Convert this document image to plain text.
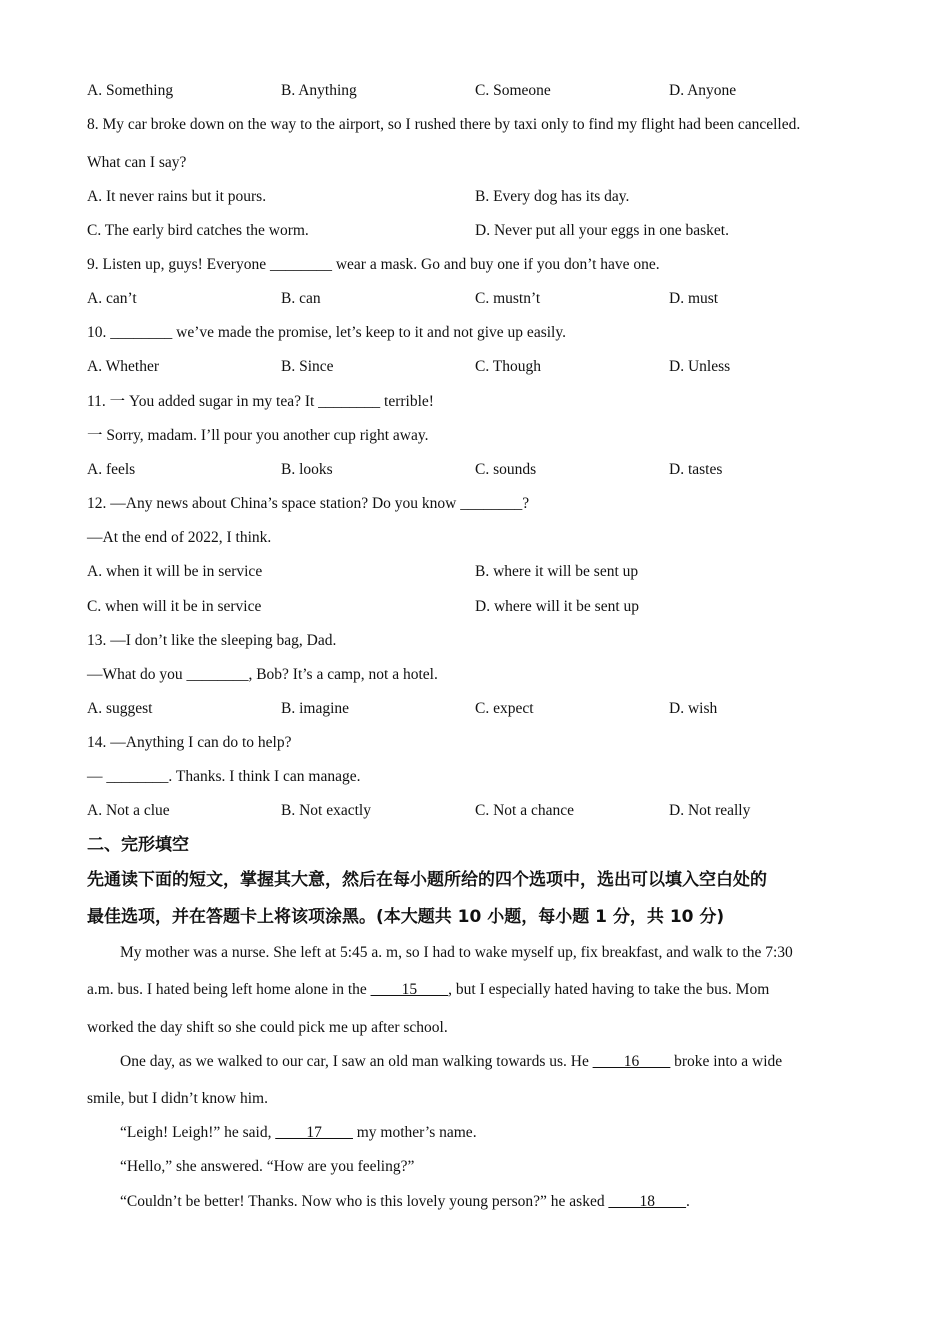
A. Something	B. Anything	C. Someone	D. Anyone
8. My car broke down on the way to the airport, so I rushed there by taxi only to find my flight had been cancelled.
What can I say?
A. It never rains but it pours.	B. Every dog has its day.
C. The early bird catches the worm.	D. Never put all your eggs in one basket.
9. Listen up, guys! Everyone ________ wear a mask. Go and buy one if you don’t have one.
A. can’t	B. can	C. mustn’t	D. must
10. ________ we’ve made the promise, let’s keep to it and not give up easily.
A. Whether	B. Since	C. Though	D. Unless
11. 一 You added sugar in my tea? It ________ terrible!
一 Sorry, madam. I’ll pour you another cup right away.
A. feels	B. looks	C. sounds	D. tastes
12. —Any news about China’s space station? Do you know ________?
—At the end of 2022, I think.
A. when it will be in service	B. where it will be sent up
C. when will it be in service	D. where will it be sent up
13. —I don’t like the sleeping bag, Dad.
—What do you ________, Bob? It’s a camp, not a hotel.
A. suggest	B. imagine	C. expect	D. wish
14. —Anything I can do to help?
— ________. Thanks. I think I can manage.
A. Not a clue	B. Not exactly	C. Not a chance	D. Not really
二、完形填空
先通读下面的短文，掌握其大意，然后在每小题所给的四个选项中，选出可以填入空白处的
最佳选项，并在答题卡上将该项涂黑。(本大题共 10 小题，每小题 1 分，共 10 分)
My mother was a nurse. She left at 5:45 a. m, so I had to wake myself up, fix breakfast, and walk to the 7:30
a.m. bus. I hated being left home alone in the ____15____, but I especially hated having to take the bus. Mom
worked the day shift so she could pick me up after school.
One day, as we walked to our car, I saw an old man walking towards us. He ____16____ broke into a wide
smile, but I didn’t know him.
“Leigh! Leigh!” he said, ____17____ my mother’s name.
“Hello,” she answered. “How are you feeling?”
“Couldn’t be better! Thanks. Now who is this lovely young person?” he asked ____18____.
